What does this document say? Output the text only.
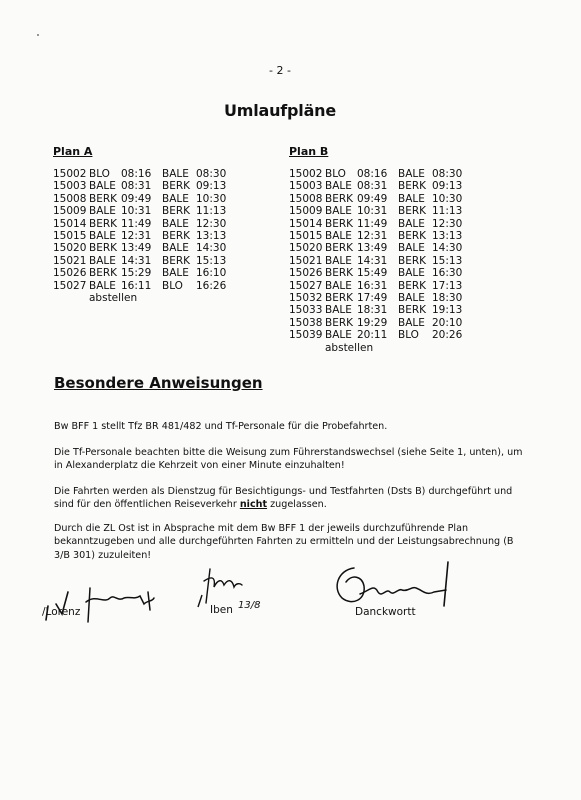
- 2 -
Umlaufpläne
Plan A
15002 BLO	08:16	BALE 08:30
15003 BALE 08:31	BERK 09:13
15008 BERK 09:49	BALE 10:30
15009 BALE 10:31	BERK 11:13
15014 BERK 11:49	BALE 12:30
15015 BALE 12:31	BERK 13:13
15020 BERK 13:49	BALE 14:30
15021 BALE 14:31	BERK 15:13
15026 BERK 15:29	BALE 16:10
15027 BALE 16:11	BLO	16:26
abstellen
Plan B
15002 BLO	08:16	BALE 08:30
15003 BALE 08:31	BERK 09:13
15008 BERK 09:49	BALE 10:30
15009 BALE 10:31	BERK 11:13
15014 BERK 11:49	BALE 12:30
15015 BALE 12:31	BERK 13:13
15020 BERK 13:49	BALE 14:30
15021 BALE 14:31	BERK 15:13
15026 BERK 15:49	BALE 16:30
15027 BALE 16:31	BERK 17:13
15032 BERK 17:49	BALE 18:30
15033 BALE 18:31	BERK 19:13
15038 BERK 19:29	BALE 20:10
15039 BALE 20:11	BLO	20:26
abstellen
Besondere Anweisungen
Bw BFF 1 stellt Tfz BR 481/482 und Tf-Personale für die Probefahrten.
Die Tf-Personale beachten bitte die Weisung zum Führerstandswechsel (siehe Seite 1, unten), um in Alexanderplatz die Kehrzeit von einer Minute einzuhalten!
Die Fahrten werden als Dienstzug für Besichtigungs- und Testfahrten (Dsts B) durchgeführt und sind für den öffentlichen Reiseverkehr nicht zugelassen.
Durch die ZL Ost ist in Absprache mit dem Bw BFF 1 der jeweils durchzuführende Plan bekanntzugeben und alle durchgeführten Fahrten zu ermitteln und der Leistungsabrechnung (B 3/B 301) zuzuleiten!
/Lorenz	Iben 13/8
Danckwortt
